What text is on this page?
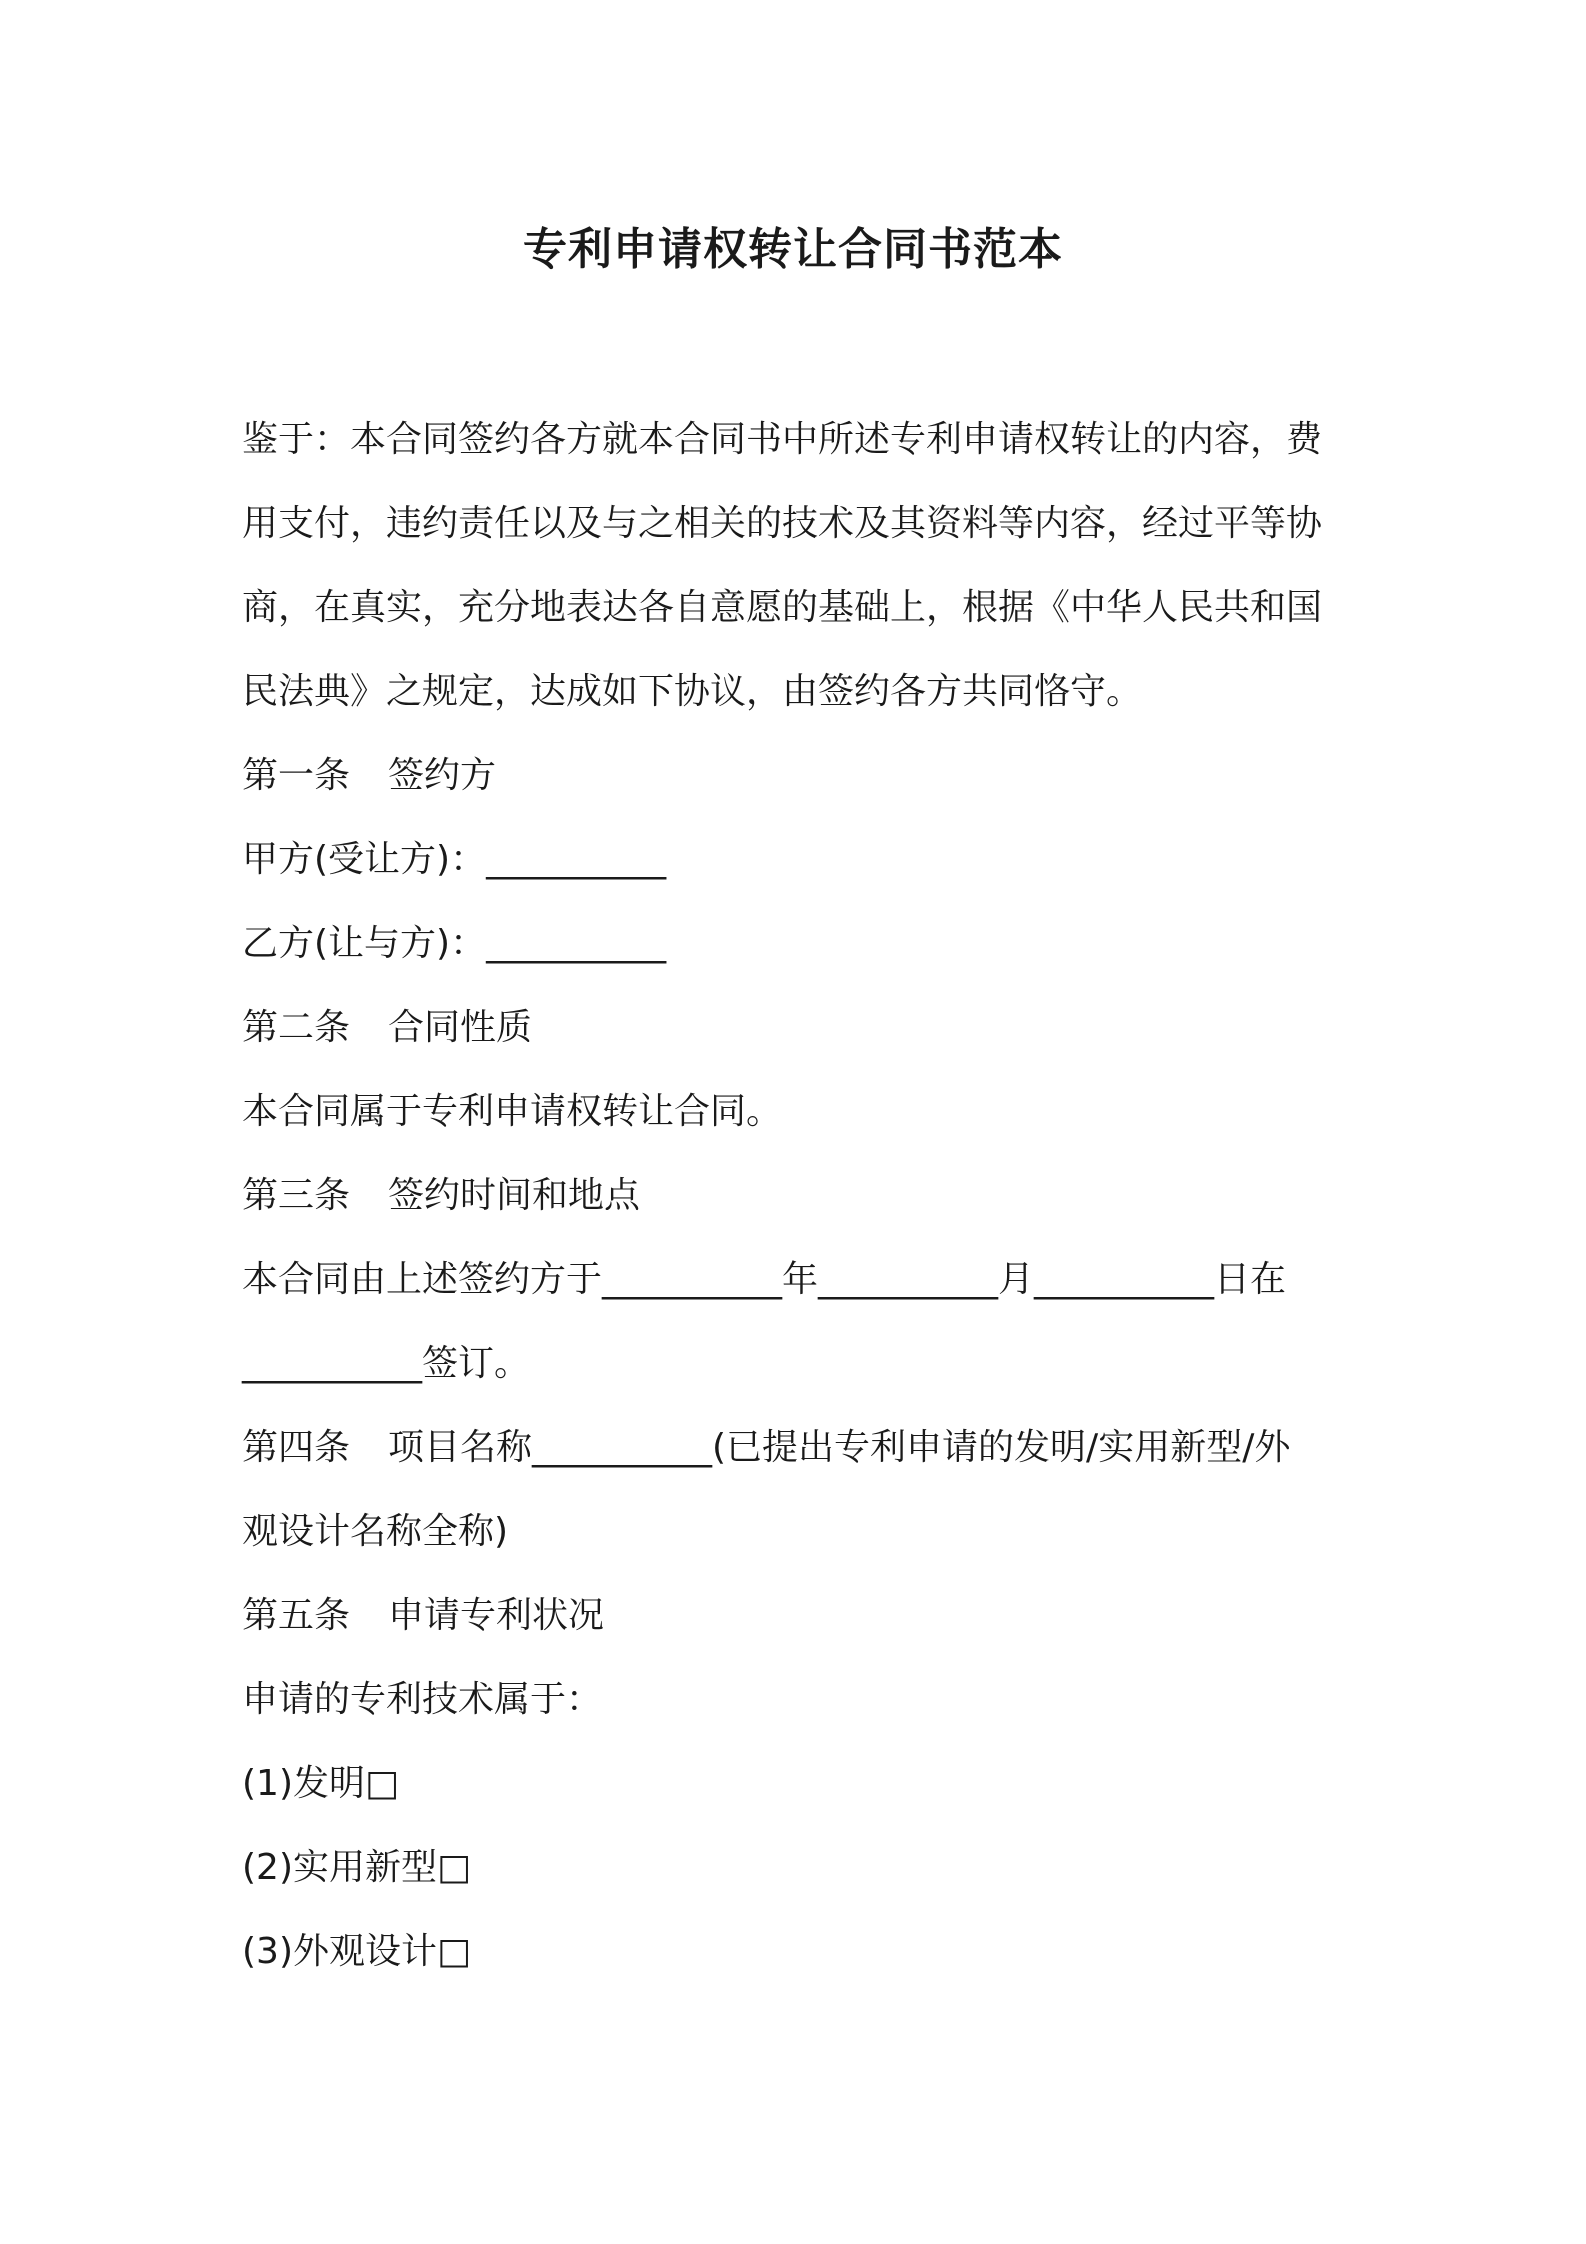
专利申请权转让合同书范本
鉴于：本合同签约各方就本合同书中所述专利申请权转让的内容，费
用支付，违约责任以及与之相关的技术及其资料等内容，经过平等协
商，在真实，充分地表达各自意愿的基础上，根据《中华人民共和国
民法典》之规定，达成如下协议，由签约各方共同恪守。
第一条 签约方
甲方(受让方)：__________
乙方(让与方)：__________
第二条 合同性质
本合同属于专利申请权转让合同。
第三条 签约时间和地点
本合同由上述签约方于__________年__________月__________日在
__________签订。
第四条 项目名称__________(已提出专利申请的发明/实用新型/外
观设计名称全称)
第五条 申请专利状况
申请的专利技术属于：
(1)发明□
(2)实用新型□
(3)外观设计□
